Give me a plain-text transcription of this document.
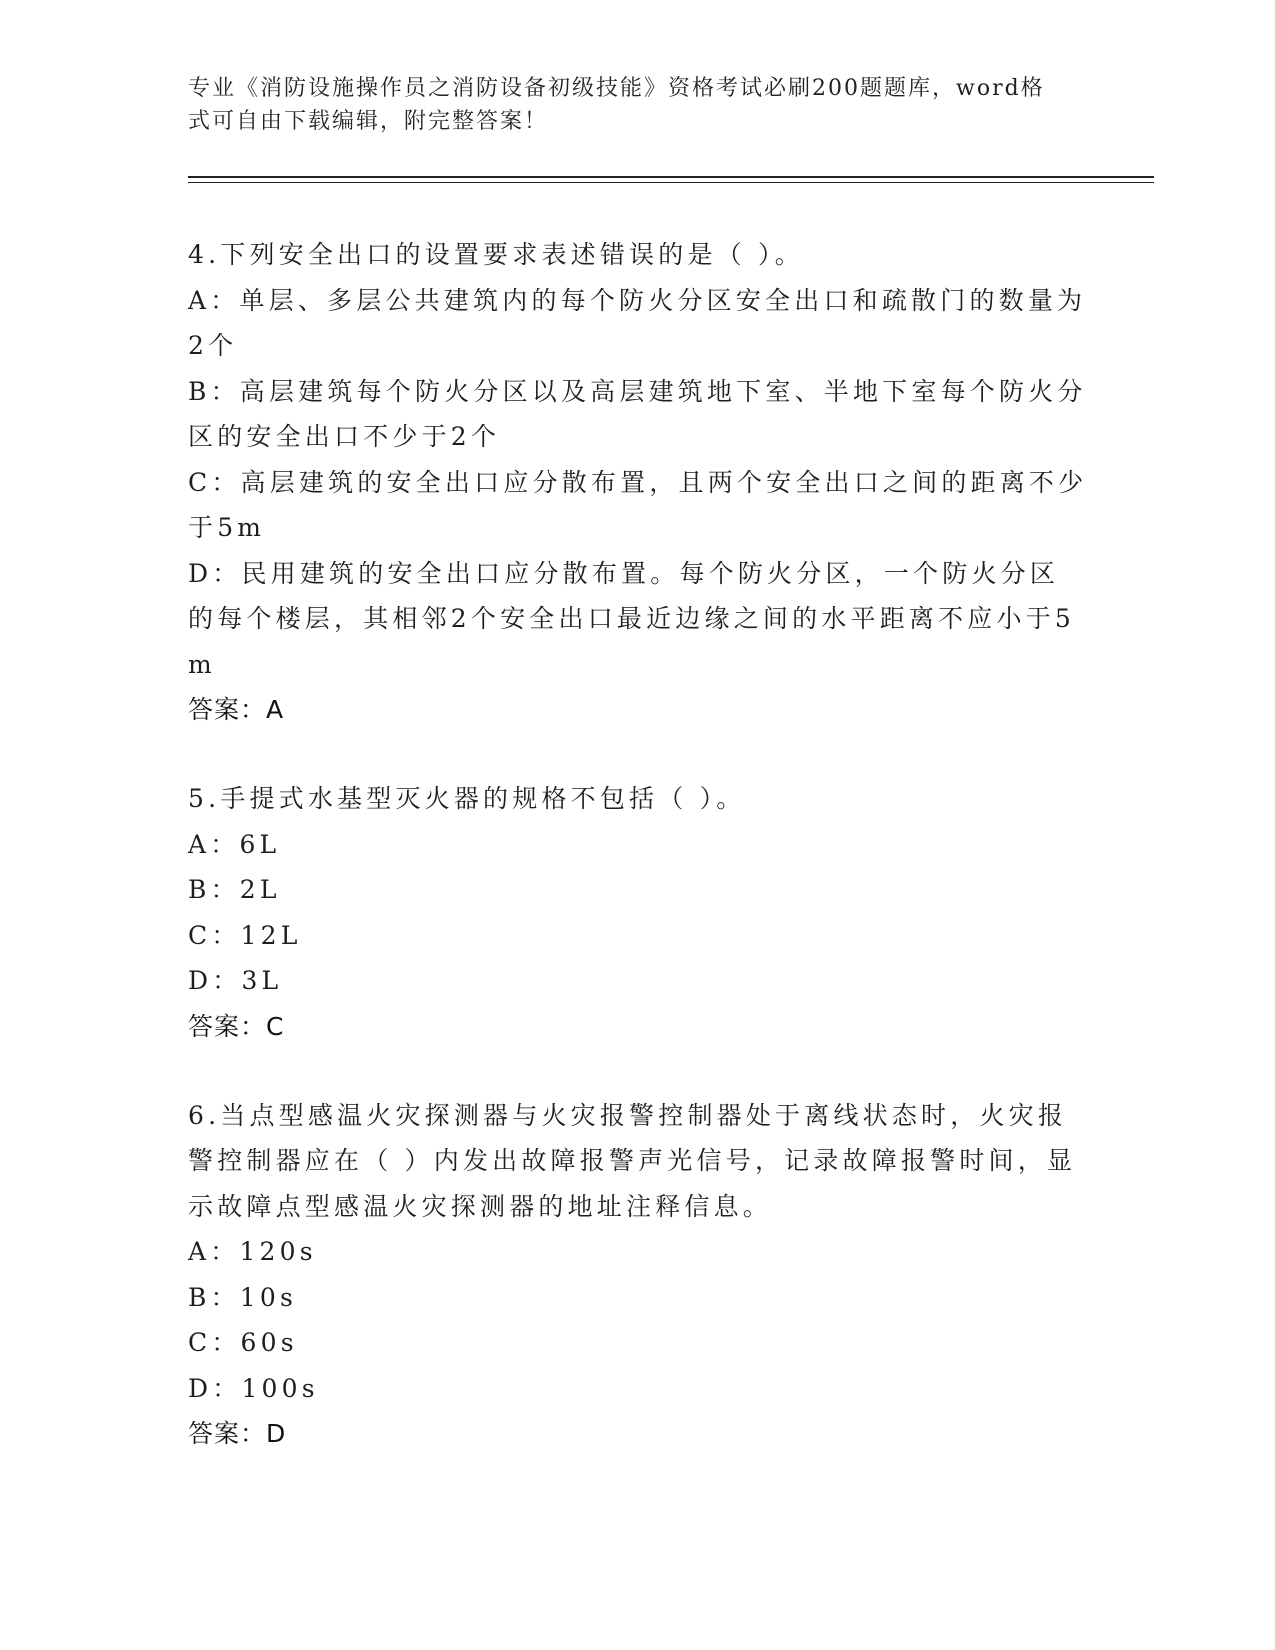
专业《消防设施操作员之消防设备初级技能》资格考试必刷200题题库，word格式可自由下载编辑，附完整答案！
4.下列安全出口的设置要求表述错误的是（ ）。
A：单层、多层公共建筑内的每个防火分区安全出口和疏散门的数量为2个
B：高层建筑每个防火分区以及高层建筑地下室、半地下室每个防火分区的安全出口不少于2个
C：高层建筑的安全出口应分散布置，且两个安全出口之间的距离不少于5m
D：民用建筑的安全出口应分散布置。每个防火分区，一个防火分区的每个楼层，其相邻2个安全出口最近边缘之间的水平距离不应小于5m
答案：A
5.手提式水基型灭火器的规格不包括（ ）。
A：6L
B：2L
C：12L
D：3L
答案：C
6.当点型感温火灾探测器与火灾报警控制器处于离线状态时，火灾报警控制器应在（ ）内发出故障报警声光信号，记录故障报警时间，显示故障点型感温火灾探测器的地址注释信息。
A：120s
B：10s
C：60s
D：100s
答案：D
